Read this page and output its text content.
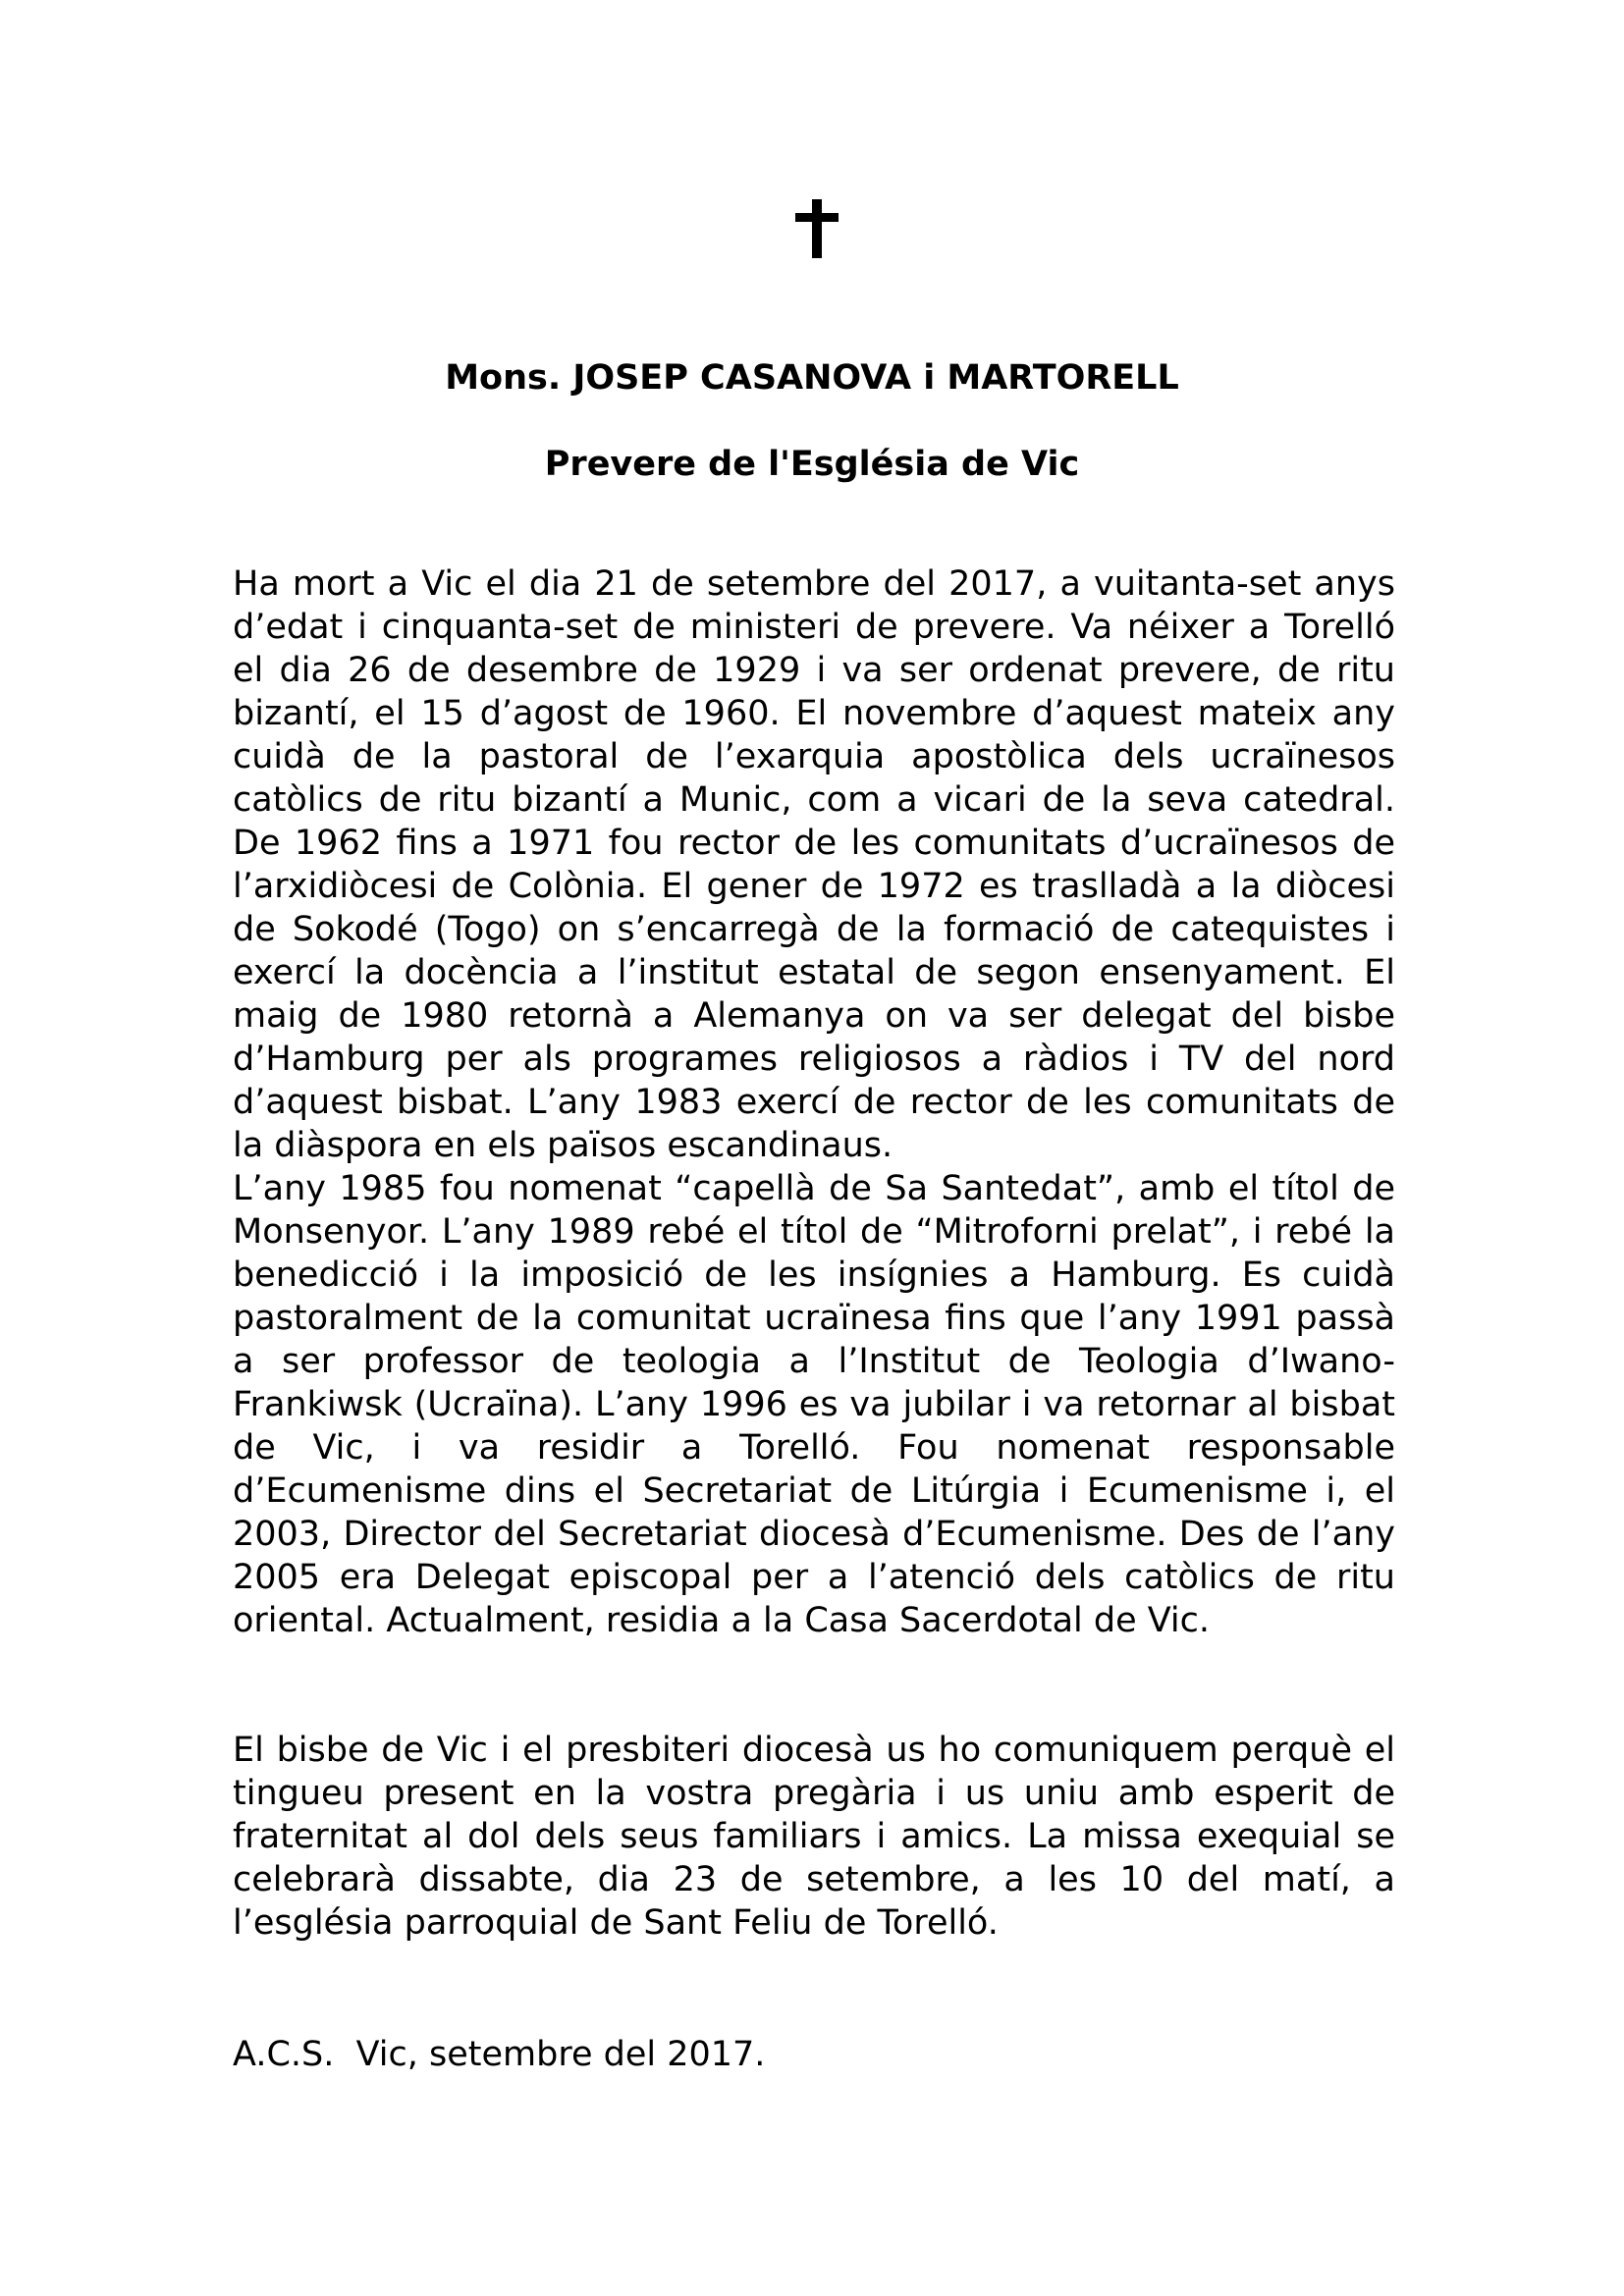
Mons. JOSEP CASANOVA i MARTORELL
Prevere de l'Església de Vic
Ha mort a Vic el dia 21 de setembre del 2017, a vuitanta-set anys d’edat i cinquanta-set de ministeri de prevere. Va néixer a Torelló el dia 26 de desembre de 1929 i va ser ordenat prevere, de ritu bizantí, el 15 d’agost de 1960. El novembre d’aquest mateix any cuidà de la pastoral de l’exarquia apostòlica dels ucraïnesos catòlics de ritu bizantí a Munic, com a vicari de la seva catedral. De 1962 fins a 1971 fou rector de les comunitats d’ucraïnesos de l’arxidiòcesi de Colònia. El gener de 1972 es traslladà a la diòcesi de Sokodé (Togo) on s’encarregà de la formació de catequistes i exercí la docència a l’institut estatal de segon ensenyament. El maig de 1980 retornà a Alemanya on va ser delegat del bisbe d’Hamburg per als programes religiosos a ràdios i TV del nord d’aquest bisbat. L’any 1983 exercí de rector de les comunitats de la diàspora en els països escandinaus.
L’any 1985 fou nomenat “capellà de Sa Santedat”, amb el títol de Monsenyor. L’any 1989 rebé el títol de “Mitroforni prelat”, i rebé la benedicció i la imposició de les insígnies a Hamburg. Es cuidà pastoralment de la comunitat ucraïnesa fins que l’any 1991 passà a ser professor de teologia a l’Institut de Teologia d’Iwano-Frankiwsk (Ucraïna). L’any 1996 es va jubilar i va retornar al bisbat de Vic, i va residir a Torelló. Fou nomenat responsable d’Ecumenisme dins el Secretariat de Litúrgia i Ecumenisme i, el 2003, Director del Secretariat diocesà d’Ecumenisme. Des de l’any 2005 era Delegat episcopal per a l’atenció dels catòlics de ritu oriental. Actualment, residia a la Casa Sacerdotal de Vic.

El bisbe de Vic i el presbiteri diocesà us ho comuniquem perquè el tingueu present en la vostra pregària i us uniu amb esperit de fraternitat al dol dels seus familiars i amics. La missa exequial se celebrarà dissabte, dia 23 de setembre, a les 10 del matí, a l’església parroquial de Sant Feliu de Torelló.

A.C.S.  Vic, setembre del 2017.
